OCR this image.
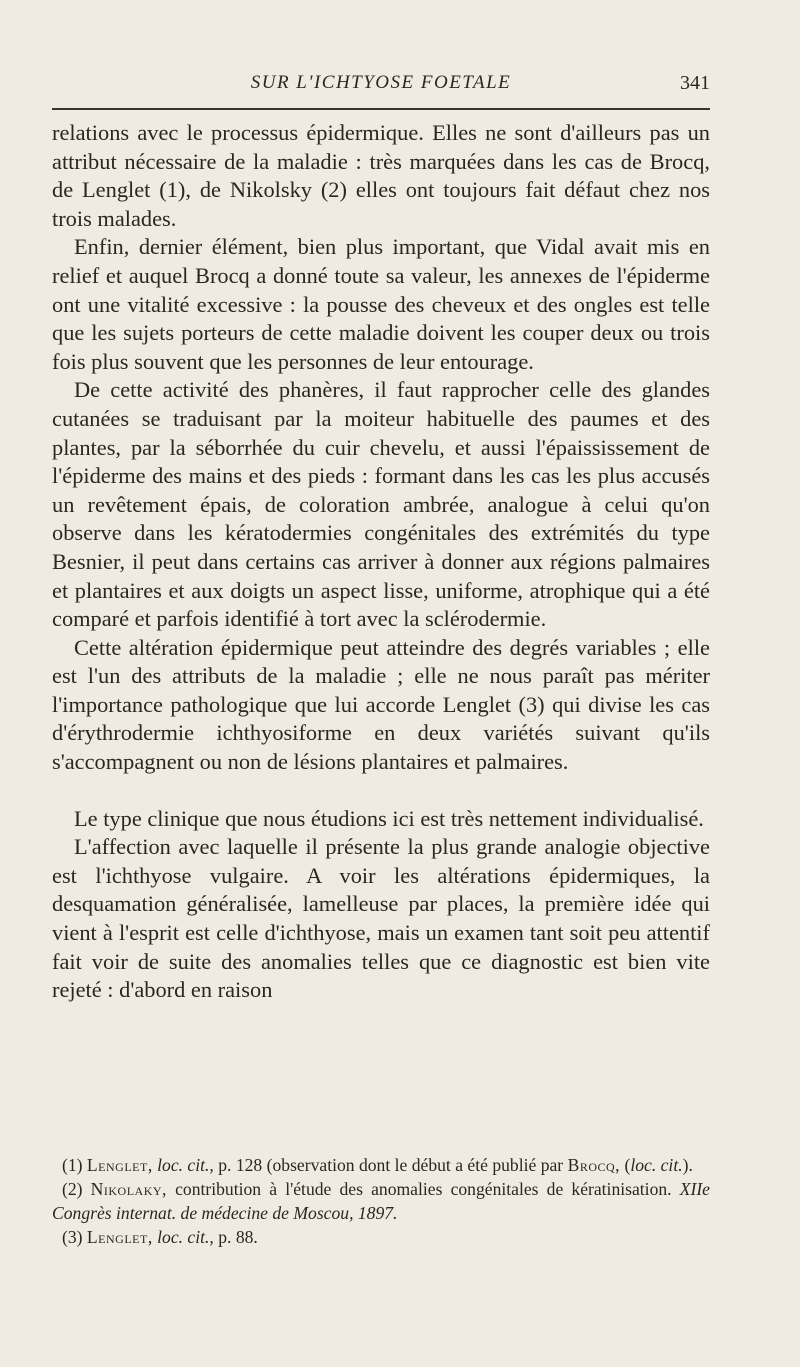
SUR L'ICHTYOSE FOETALE	341

relations avec le processus épidermique. Elles ne sont d'ailleurs pas un attribut nécessaire de la maladie : très marquées dans les cas de Brocq, de Lenglet (1), de Nikolsky (2) elles ont toujours fait défaut chez nos trois malades.

Enfin, dernier élément, bien plus important, que Vidal avait mis en relief et auquel Brocq a donné toute sa valeur, les annexes de l'épiderme ont une vitalité excessive : la pousse des cheveux et des ongles est telle que les sujets porteurs de cette maladie doivent les couper deux ou trois fois plus souvent que les personnes de leur entourage.

De cette activité des phanères, il faut rapprocher celle des glandes cutanées se traduisant par la moiteur habituelle des paumes et des plantes, par la séborrhée du cuir chevelu, et aussi l'épaississement de l'épiderme des mains et des pieds : formant dans les cas les plus accusés un revêtement épais, de coloration ambrée, analogue à celui qu'on observe dans les kératodermies congénitales des extrémités du type Besnier, il peut dans certains cas arriver à donner aux régions palmaires et plantaires et aux doigts un aspect lisse, uniforme, atrophique qui a été comparé et parfois identifié à tort avec la sclérodermie.

Cette altération épidermique peut atteindre des degrés variables ; elle est l'un des attributs de la maladie ; elle ne nous paraît pas mériter l'importance pathologique que lui accorde Lenglet (3) qui divise les cas d'érythrodermie ichthyosiforme en deux variétés suivant qu'ils s'accompagnent ou non de lésions plantaires et palmaires.

Le type clinique que nous étudions ici est très nettement individualisé.

L'affection avec laquelle il présente la plus grande analogie objective est l'ichthyose vulgaire. A voir les altérations épidermiques, la desquamation généralisée, lamelleuse par places, la première idée qui vient à l'esprit est celle d'ichthyose, mais un examen tant soit peu attentif fait voir de suite des anomalies telles que ce diagnostic est bien vite rejeté : d'abord en raison

(1) Lenglet, loc. cit., p. 128 (observation dont le début a été publié par Brocq, (loc. cit.).

(2) Nikolaky, contribution à l'étude des anomalies congénitales de kératinisation. XIIe Congrès internat. de médecine de Moscou, 1897.

(3) Lenglet, loc. cit., p. 88.
